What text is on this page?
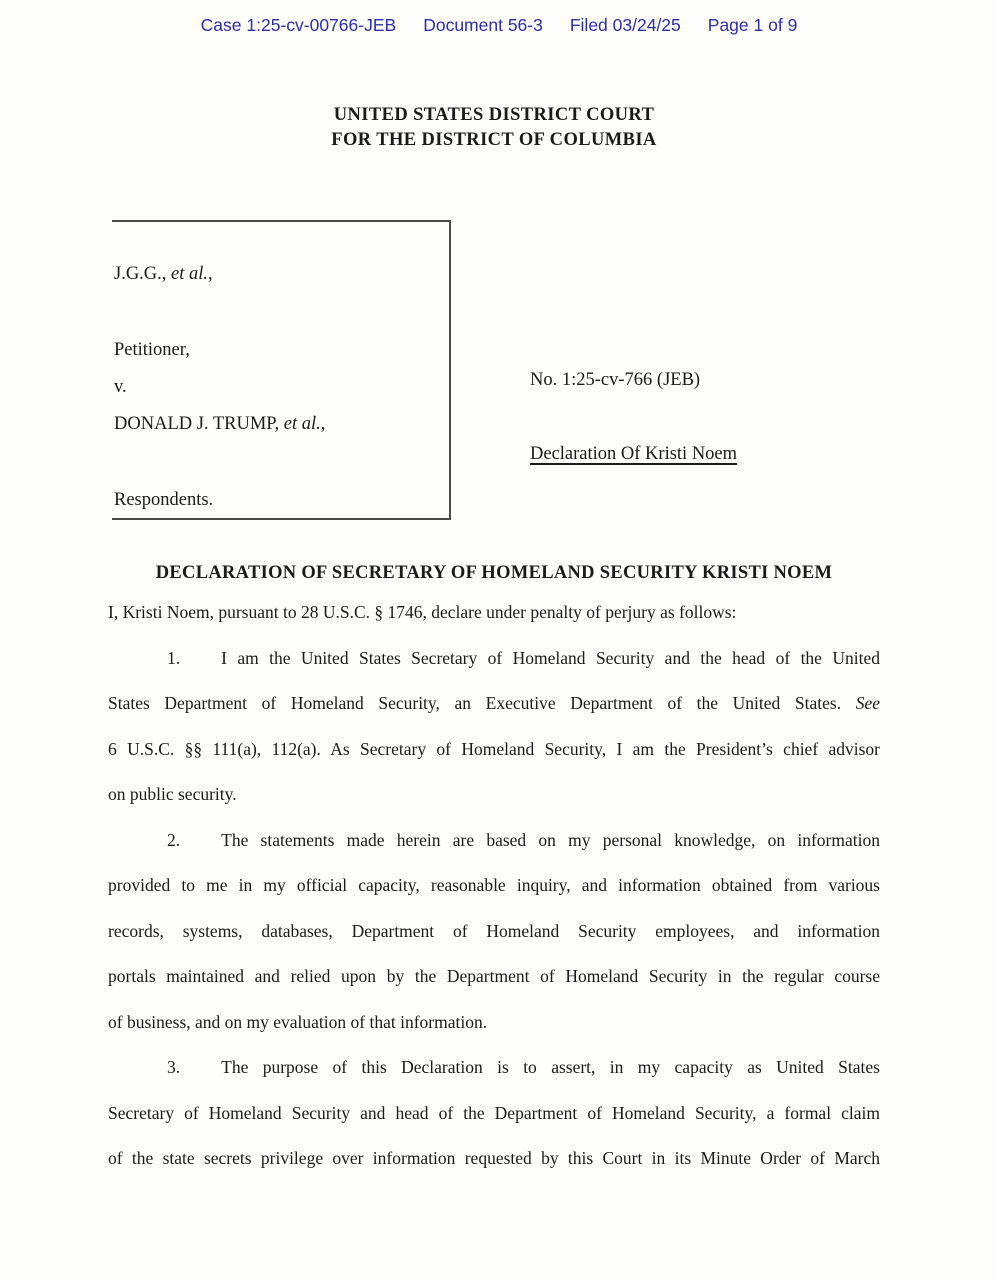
Case 1:25-cv-00766-JEB Document 56-3 Filed 03/24/25 Page 1 of 9
UNITED STATES DISTRICT COURT
FOR THE DISTRICT OF COLUMBIA
J.G.G., et al.,
Petitioner,
v.
DONALD J. TRUMP, et al.,
Respondents.
No. 1:25-cv-766 (JEB)
Declaration Of Kristi Noem
DECLARATION OF SECRETARY OF HOMELAND SECURITY KRISTI NOEM
I, Kristi Noem, pursuant to 28 U.S.C. § 1746, declare under penalty of perjury as follows:
1. I am the United States Secretary of Homeland Security and the head of the United
States Department of Homeland Security, an Executive Department of the United States. See
6 U.S.C. §§ 111(a), 112(a). As Secretary of Homeland Security, I am the President’s chief advisor
on public security.
2. The statements made herein are based on my personal knowledge, on information
provided to me in my official capacity, reasonable inquiry, and information obtained from various
records, systems, databases, Department of Homeland Security employees, and information
portals maintained and relied upon by the Department of Homeland Security in the regular course
of business, and on my evaluation of that information.
3. The purpose of this Declaration is to assert, in my capacity as United States
Secretary of Homeland Security and head of the Department of Homeland Security, a formal claim
of the state secrets privilege over information requested by this Court in its Minute Order of March
